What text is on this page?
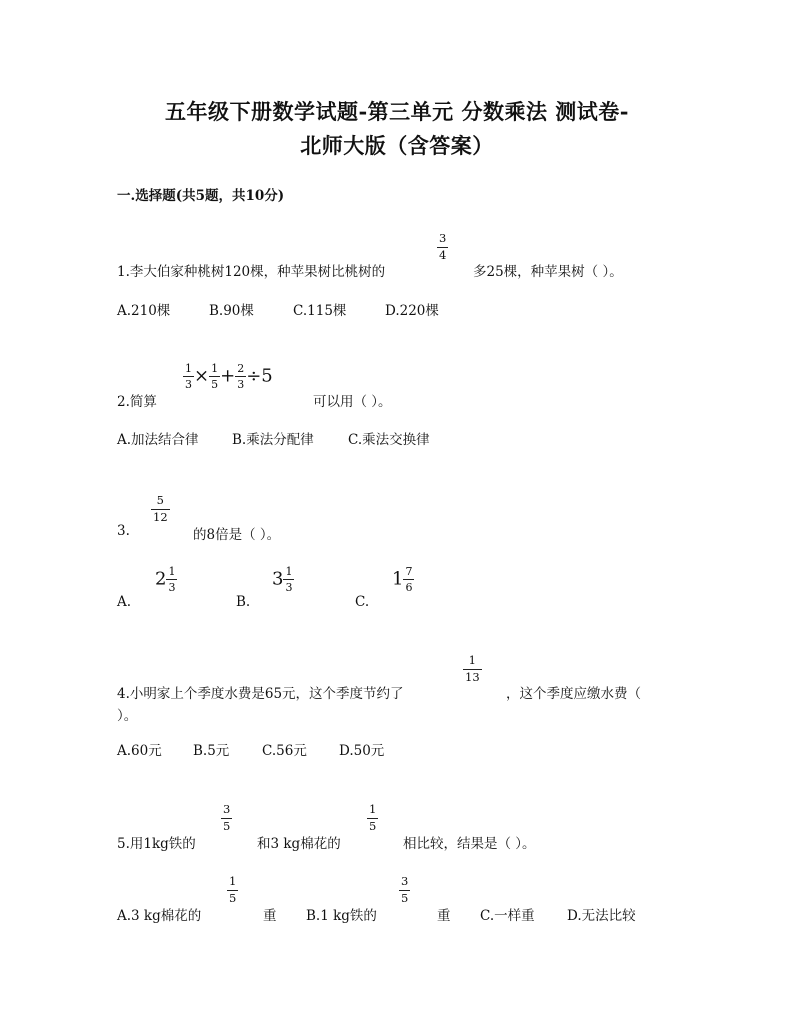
五年级下册数学试题-第三单元 分数乘法 测试卷-
北师大版（含答案）
一.选择题(共5题，共10分)
1.李大伯家种桃树120棵，种苹果树比桃树的
$\frac{3}{4}$
多25棵，种苹果树（ ）。
A.210棵	B.90棵	C.115棵	D.220棵
2.简算
$\frac{1}{3} \times \frac{1}{5} + \frac{2}{3} \div 5$
可以用（ ）。
A.加法结合律 B.乘法分配律	C.乘法交换律
3.
$\frac{5}{12}$
的8倍是（ ）。
A.
$2 \frac{1}{3}$
B.
$3 \frac{1}{3}$
C.
$1 \frac{7}{6}$
4.小明家上个季度水费是65元，这个季度节约了
$\frac{1}{13}$
，这个季度应缴水费（
）。
A.60元 B.5元 C.56元 D.50元
5.用1kg铁的
$\frac{3}{5}$
和3 kg棉花的
$\frac{1}{5}$
相比较，结果是（ ）。
A.3 kg棉花的
$\frac{1}{5}$
重 B.1 kg铁的
$\frac{3}{5}$
重 C.一样重 D.无法比较
